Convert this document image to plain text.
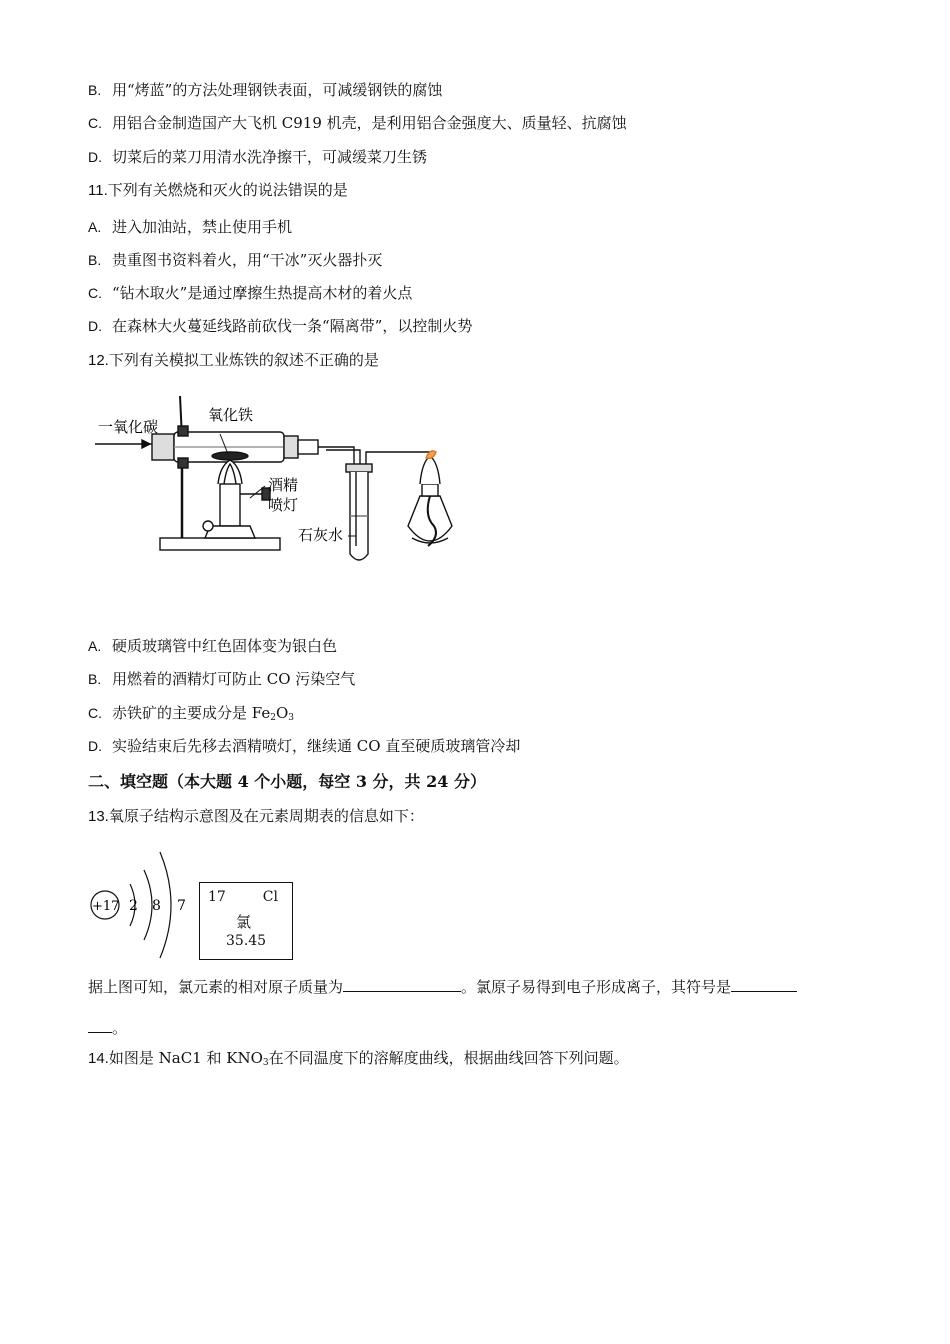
B. 用“烤蓝”的方法处理钢铁表面，可减缓钢铁的腐蚀
C. 用铝合金制造国产大飞机 C919 机壳，是利用铝合金强度大、质量轻、抗腐蚀
D. 切菜后的菜刀用清水洗净擦干，可减缓菜刀生锈
11.下列有关燃烧和灭火的说法错误的是
A. 进入加油站，禁止使用手机
B. 贵重图书资料着火，用“干冰”灭火器扑灭
C. “钻木取火”是通过摩擦生热提高木材的着火点
D. 在森林大火蔓延线路前砍伐一条“隔离带”，以控制火势
12.下列有关模拟工业炼铁的叙述不正确的是
一氧化碳
氧化铁
酒精
喷灯
石灰水
A. 硬质玻璃管中红色固体变为银白色
B. 用燃着的酒精灯可防止 CO 污染空气
C. 赤铁矿的主要成分是 $Fe_2O_3$
D. 实验结束后先移去酒精喷灯，继续通 CO 直至硬质玻璃管冷却
二、填空题（本大题 4 个小题，每空 3 分，共 24 分）
13.氧原子结构示意图及在元素周期表的信息如下：
+17 2 8 7
17	Cl
氯
35.45
据上图可知，氯元素的相对原子质量为	。氯原子易得到电子形成离子，其符号是
。
14.如图是 NaC1 和 $KNO_3$在不同温度下的溶解度曲线，根据曲线回答下列问题。
